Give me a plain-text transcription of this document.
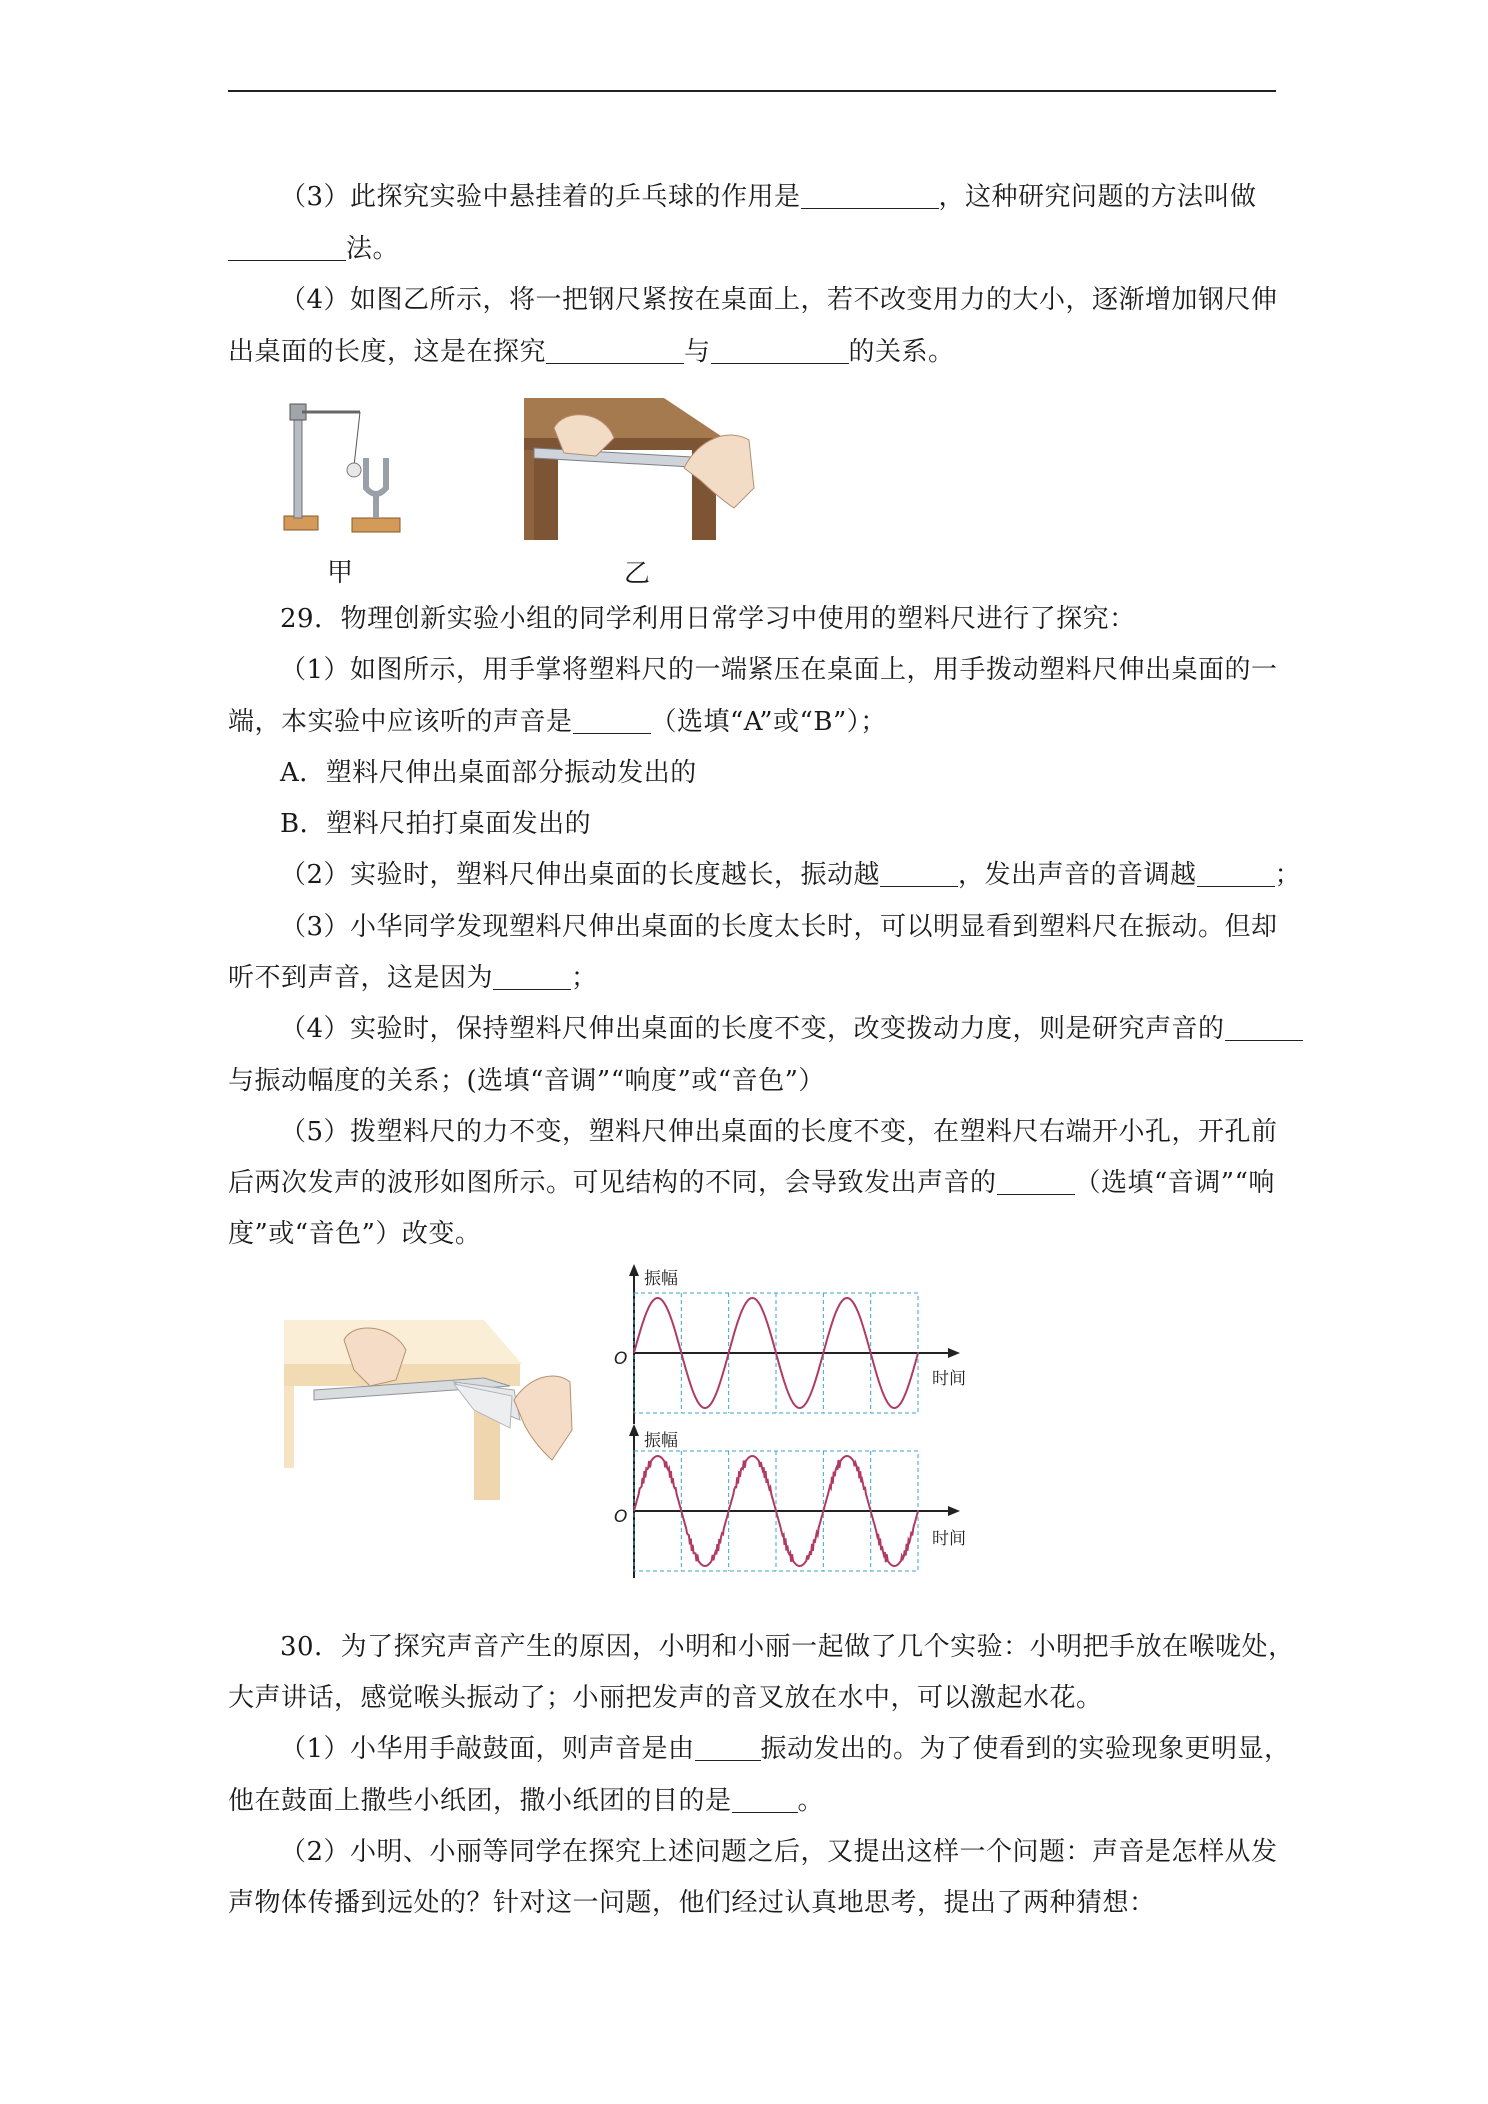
（3）此探究实验中悬挂着的乒乓球的作用是	，这种研究问题的方法叫做
法。
（4）如图乙所示，将一把钢尺紧按在桌面上，若不改变用力的大小，逐渐增加钢尺伸
出桌面的长度，这是在探究	与	的关系。
甲	乙
29．物理创新实验小组的同学利用日常学习中使用的塑料尺进行了探究：
（1）如图所示，用手掌将塑料尺的一端紧压在桌面上，用手拨动塑料尺伸出桌面的一
端，本实验中应该听的声音是	（选填“A”或“B”）；
A．塑料尺伸出桌面部分振动发出的
B．塑料尺拍打桌面发出的
（2）实验时，塑料尺伸出桌面的长度越长，振动越	，发出声音的音调越	；
（3）小华同学发现塑料尺伸出桌面的长度太长时，可以明显看到塑料尺在振动。但却
听不到声音，这是因为	；
（4）实验时，保持塑料尺伸出桌面的长度不变，改变拨动力度，则是研究声音的
与振动幅度的关系；(选填“音调”“响度”或“音色”）
（5）拨塑料尺的力不变，塑料尺伸出桌面的长度不变，在塑料尺右端开小孔，开孔前
后两次发声的波形如图所示。可见结构的不同，会导致发出声音的	（选填“音调”“响
度”或“音色”）改变。
振幅
时间
O
振幅
时间
O
30．为了探究声音产生的原因，小明和小丽一起做了几个实验：小明把手放在喉咙处，
大声讲话，感觉喉头振动了；小丽把发声的音叉放在水中，可以激起水花。
（1）小华用手敲鼓面，则声音是由	振动发出的。为了使看到的实验现象更明显，
他在鼓面上撒些小纸团，撒小纸团的目的是	。
（2）小明、小丽等同学在探究上述问题之后，又提出这样一个问题：声音是怎样从发
声物体传播到远处的？针对这一问题，他们经过认真地思考，提出了两种猜想：
